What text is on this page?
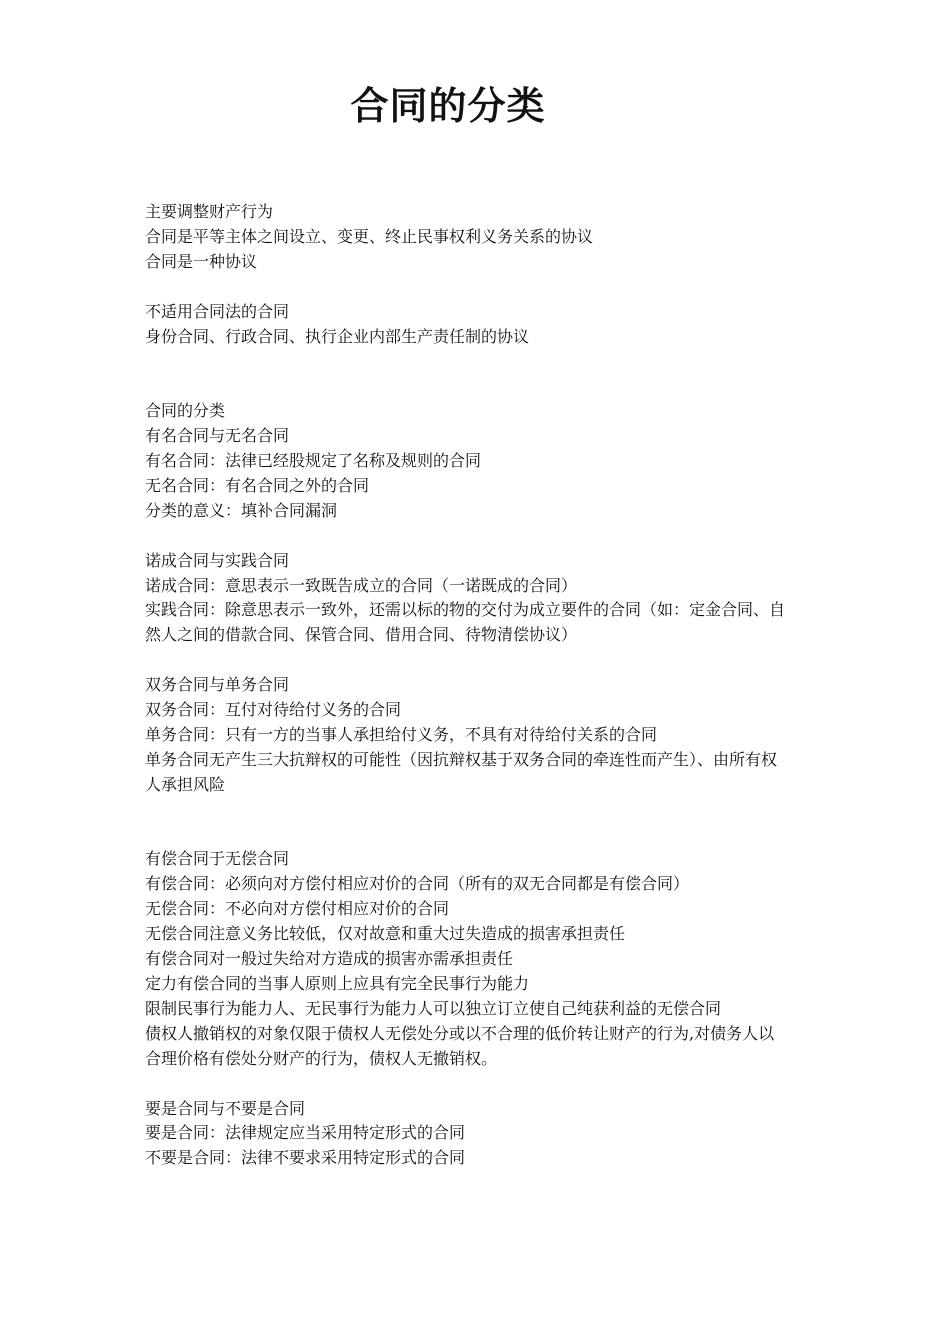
合同的分类
主要调整财产行为
合同是平等主体之间设立、变更、终止民事权利义务关系的协议
合同是一种协议
不适用合同法的合同
身份合同、行政合同、执行企业内部生产责任制的协议
合同的分类
有名合同与无名合同
有名合同：法律已经股规定了名称及规则的合同
无名合同：有名合同之外的合同
分类的意义：填补合同漏洞
诺成合同与实践合同
诺成合同：意思表示一致既告成立的合同（一诺既成的合同）
实践合同：除意思表示一致外，还需以标的物的交付为成立要件的合同（如：定金合同、自
然人之间的借款合同、保管合同、借用合同、待物清偿协议）
双务合同与单务合同
双务合同：互付对待给付义务的合同
单务合同：只有一方的当事人承担给付义务，不具有对待给付关系的合同
单务合同无产生三大抗辩权的可能性（因抗辩权基于双务合同的牵连性而产生）、由所有权
人承担风险
有偿合同于无偿合同
有偿合同：必须向对方偿付相应对价的合同（所有的双无合同都是有偿合同）
无偿合同：不必向对方偿付相应对价的合同
无偿合同注意义务比较低，仅对故意和重大过失造成的损害承担责任
有偿合同对一般过失给对方造成的损害亦需承担责任
定力有偿合同的当事人原则上应具有完全民事行为能力
限制民事行为能力人、无民事行为能力人可以独立订立使自己纯获利益的无偿合同
债权人撤销权的对象仅限于债权人无偿处分或以不合理的低价转让财产的行为,对债务人以
合理价格有偿处分财产的行为，债权人无撤销权。
要是合同与不要是合同
要是合同：法律规定应当采用特定形式的合同
不要是合同：法律不要求采用特定形式的合同
